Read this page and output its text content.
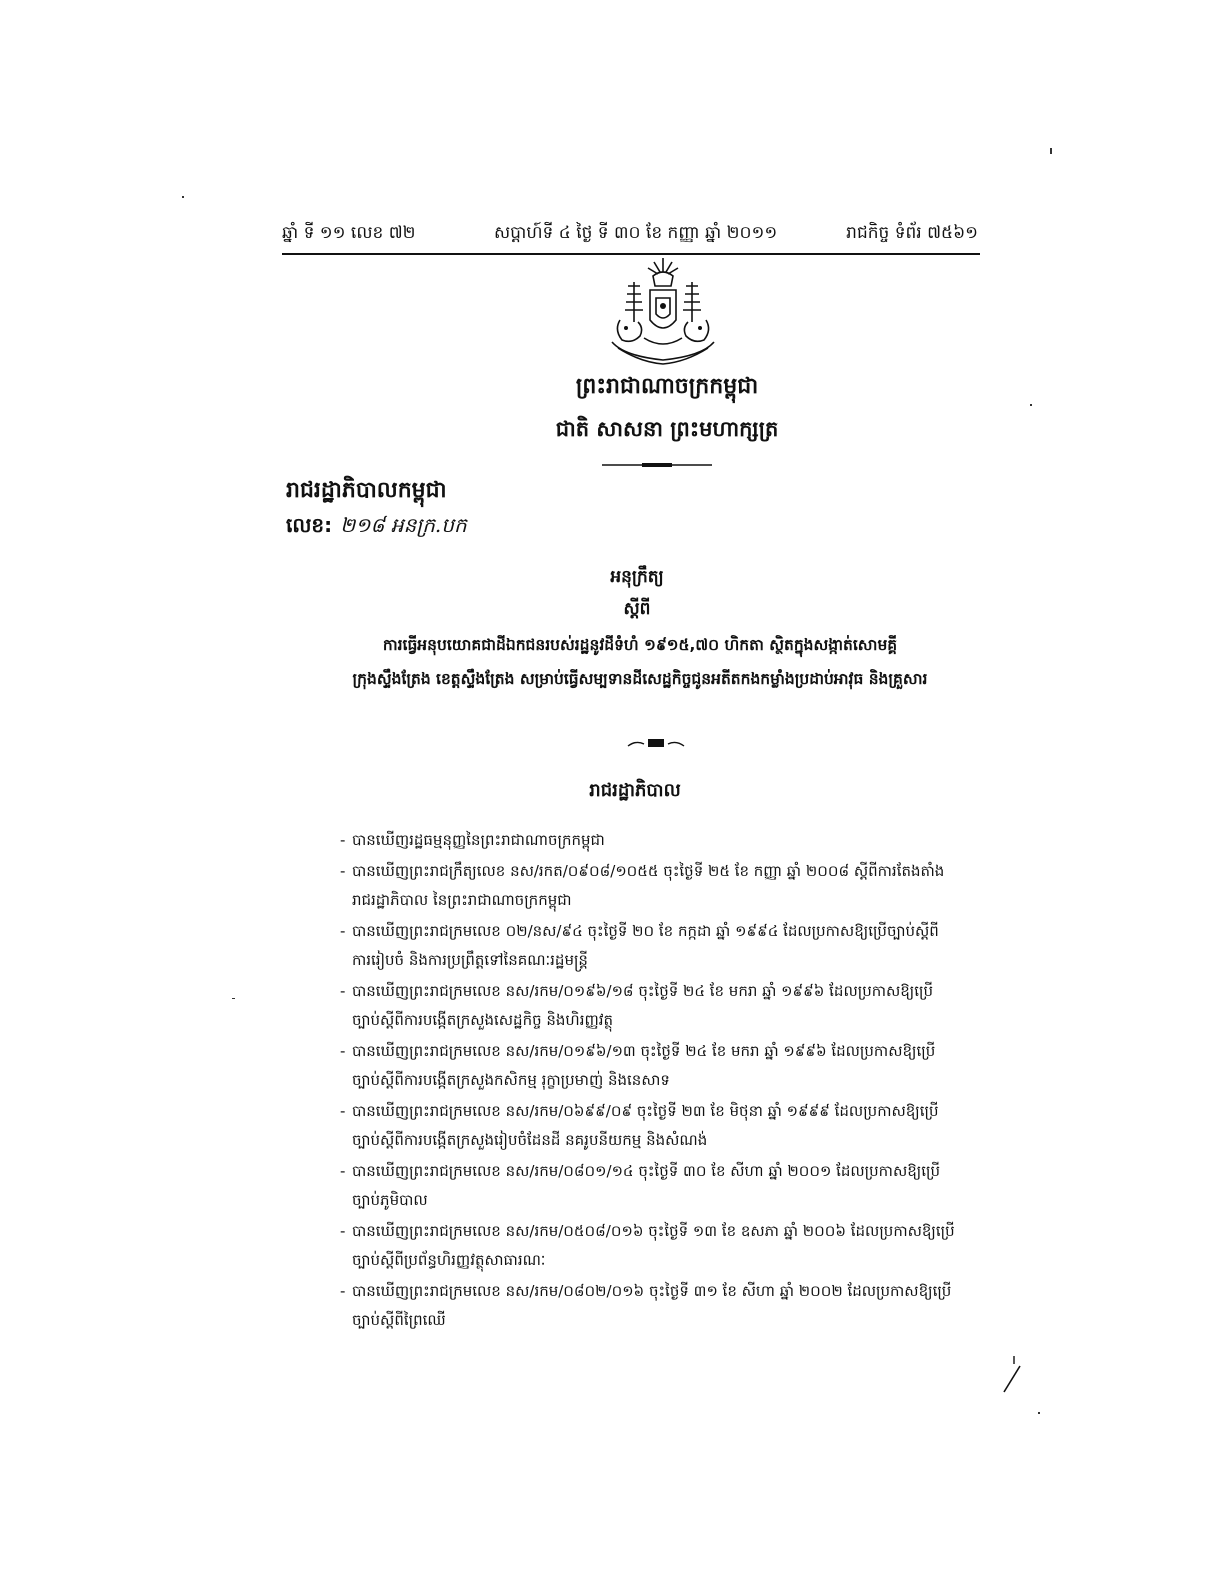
ឆ្នាំ ទី ១១ លេខ ៧២	សប្តាហ៍ទី ៤ ថ្ងៃ ទី ៣០ ខែ កញ្ញា ឆ្នាំ ២០១១	រាជកិច្ច ទំព័រ ៧៥៦១
ព្រះរាជាណាចក្រកម្ពុជា
ជាតិ សាសនា ព្រះមហាក្សត្រ
រាជរដ្ឋាភិបាលកម្ពុជា
លេខ: ២១៨ អនក្រ.បក
អនុក្រឹត្យ
ស្តីពី
ការធ្វើអនុបយោគជាដីឯកជនរបស់រដ្ឋនូវដីទំហំ ១៩១៥,៧០ ហិកតា ស្ថិតក្នុងសង្កាត់សោមគ្គី
ក្រុងស្ទឹងត្រែង ខេត្តស្ទឹងត្រែង សម្រាប់ធ្វើសម្បទានដីសេដ្ឋកិច្ចជូនអតីតកងកម្លាំងប្រដាប់អាវុធ និងគ្រួសារ
រាជរដ្ឋាភិបាល
- បានឃើញរដ្ឋធម្មនុញ្ញនៃព្រះរាជាណាចក្រកម្ពុជា
- បានឃើញព្រះរាជក្រឹត្យលេខ នស/រកត/០៩០៨/១០៥៥ ចុះថ្ងៃទី ២៥ ខែ កញ្ញា ឆ្នាំ ២០០៨ ស្តីពីការតែងតាំង
រាជរដ្ឋាភិបាល នៃព្រះរាជាណាចក្រកម្ពុជា
- បានឃើញព្រះរាជក្រមលេខ ០២/នស/៩៤ ចុះថ្ងៃទី ២០ ខែ កក្កដា ឆ្នាំ ១៩៩៤ ដែលប្រកាសឱ្យប្រើច្បាប់ស្តីពី
ការរៀបចំ និងការប្រព្រឹត្តទៅនៃគណៈរដ្ឋមន្ត្រី
- បានឃើញព្រះរាជក្រមលេខ នស/រកម/០១៩៦/១៨ ចុះថ្ងៃទី ២៤ ខែ មករា ឆ្នាំ ១៩៩៦ ដែលប្រកាសឱ្យប្រើ
ច្បាប់ស្តីពីការបង្កើតក្រសួងសេដ្ឋកិច្ច និងហិរញ្ញវត្ថុ
- បានឃើញព្រះរាជក្រមលេខ នស/រកម/០១៩៦/១៣ ចុះថ្ងៃទី ២៤ ខែ មករា ឆ្នាំ ១៩៩៦ ដែលប្រកាសឱ្យប្រើ
ច្បាប់ស្តីពីការបង្កើតក្រសួងកសិកម្ម រុក្ខាប្រមាញ់ និងនេសាទ
- បានឃើញព្រះរាជក្រមលេខ នស/រកម/០៦៩៩/០៩ ចុះថ្ងៃទី ២៣ ខែ មិថុនា ឆ្នាំ ១៩៩៩ ដែលប្រកាសឱ្យប្រើ
ច្បាប់ស្តីពីការបង្កើតក្រសួងរៀបចំដែនដី នគរូបនីយកម្ម និងសំណង់
- បានឃើញព្រះរាជក្រមលេខ នស/រកម/០៨០១/១៤ ចុះថ្ងៃទី ៣០ ខែ សីហា ឆ្នាំ ២០០១ ដែលប្រកាសឱ្យប្រើ
ច្បាប់ភូមិបាល
- បានឃើញព្រះរាជក្រមលេខ នស/រកម/០៥០៨/០១៦ ចុះថ្ងៃទី ១៣ ខែ ឧសភា ឆ្នាំ ២០០៦ ដែលប្រកាសឱ្យប្រើ
ច្បាប់ស្តីពីប្រព័ន្ធហិរញ្ញវត្ថុសាធារណៈ
- បានឃើញព្រះរាជក្រមលេខ នស/រកម/០៨០២/០១៦ ចុះថ្ងៃទី ៣១ ខែ សីហា ឆ្នាំ ២០០២ ដែលប្រកាសឱ្យប្រើ
ច្បាប់ស្តីពីព្រៃឈើ
